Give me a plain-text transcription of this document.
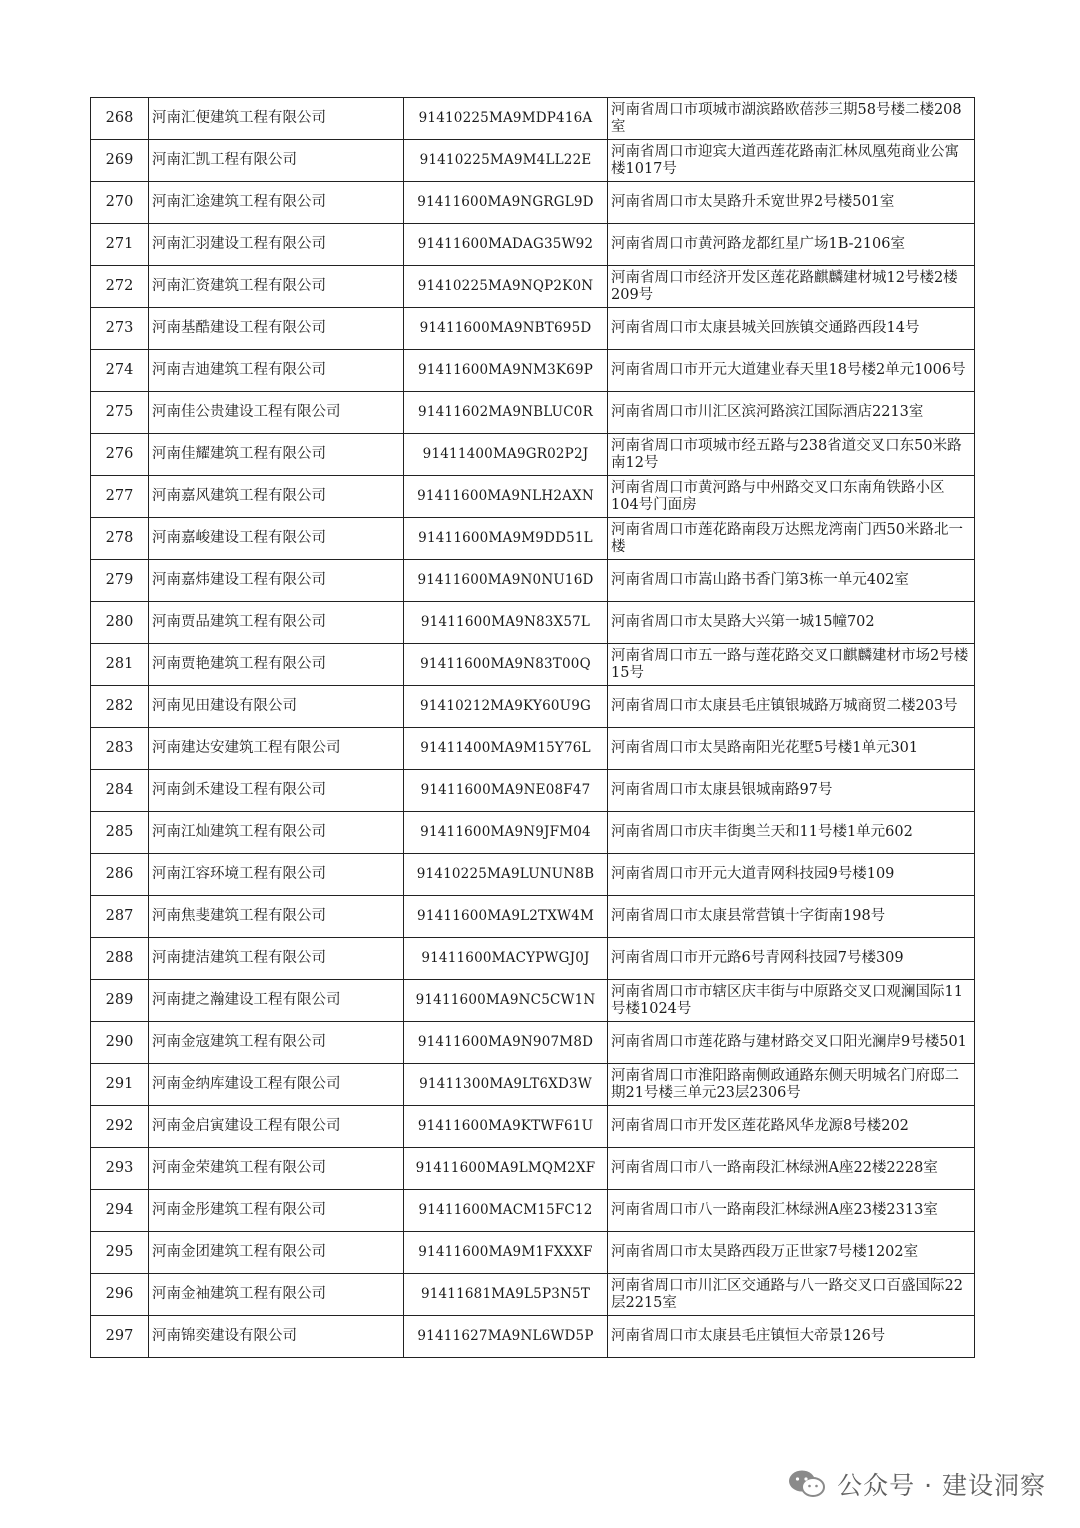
268	河南汇便建筑工程有限公司	91410225MA9MDP416A	河南省周口市项城市湖滨路欧蓓莎三期58号楼二楼208室
269	河南汇凯工程有限公司	91410225MA9M4LL22E	河南省周口市迎宾大道西莲花路南汇林凤凰苑商业公寓楼1017号
270	河南汇途建筑工程有限公司	91411600MA9NGRGL9D	河南省周口市太昊路升禾宽世界2号楼501室
271	河南汇羽建设工程有限公司	91411600MADAG35W92	河南省周口市黄河路龙都红星广场1B-2106室
272	河南汇资建筑工程有限公司	91410225MA9NQP2K0N	河南省周口市经济开发区莲花路麒麟建材城12号楼2楼209号
273	河南基酷建设工程有限公司	91411600MA9NBT695D	河南省周口市太康县城关回族镇交通路西段14号
274	河南吉迪建筑工程有限公司	91411600MA9NM3K69P	河南省周口市开元大道建业春天里18号楼2单元1006号
275	河南佳公贵建设工程有限公司	91411602MA9NBLUC0R	河南省周口市川汇区滨河路滨江国际酒店2213室
276	河南佳耀建筑工程有限公司	91411400MA9GR02P2J	河南省周口市项城市经五路与238省道交叉口东50米路南12号
277	河南嘉风建筑工程有限公司	91411600MA9NLH2AXN	河南省周口市黄河路与中州路交叉口东南角铁路小区104号门面房
278	河南嘉峻建设工程有限公司	91411600MA9M9DD51L	河南省周口市莲花路南段万达熙龙湾南门西50米路北一楼
279	河南嘉炜建设工程有限公司	91411600MA9N0NU16D	河南省周口市嵩山路书香门第3栋一单元402室
280	河南贾品建筑工程有限公司	91411600MA9N83X57L	河南省周口市太昊路大兴第一城15幢702
281	河南贾艳建筑工程有限公司	91411600MA9N83T00Q	河南省周口市五一路与莲花路交叉口麒麟建材市场2号楼15号
282	河南见田建设有限公司	91410212MA9KY60U9G	河南省周口市太康县毛庄镇银城路万城商贸二楼203号
283	河南建达安建筑工程有限公司	91411400MA9M15Y76L	河南省周口市太昊路南阳光花墅5号楼1单元301
284	河南剑禾建设工程有限公司	91411600MA9NE08F47	河南省周口市太康县银城南路97号
285	河南江灿建筑工程有限公司	91411600MA9N9JFM04	河南省周口市庆丰街奥兰天和11号楼1单元602
286	河南江容环境工程有限公司	91410225MA9LUNUN8B	河南省周口市开元大道青网科技园9号楼109
287	河南焦斐建筑工程有限公司	91411600MA9L2TXW4M	河南省周口市太康县常营镇十字街南198号
288	河南捷洁建筑工程有限公司	91411600MACYPWGJ0J	河南省周口市开元路6号青网科技园7号楼309
289	河南捷之瀚建设工程有限公司	91411600MA9NC5CW1N	河南省周口市市辖区庆丰街与中原路交叉口观澜国际11号楼1024号
290	河南金寇建筑工程有限公司	91411600MA9N907M8D	河南省周口市莲花路与建材路交叉口阳光澜岸9号楼501
291	河南金纳库建设工程有限公司	91411300MA9LT6XD3W	河南省周口市淮阳路南侧政通路东侧天明城名门府邸二期21号楼三单元23层2306号
292	河南金启寅建设工程有限公司	91411600MA9KTWF61U	河南省周口市开发区莲花路风华龙源8号楼202
293	河南金荣建筑工程有限公司	91411600MA9LMQM2XF	河南省周口市八一路南段汇林绿洲A座22楼2228室
294	河南金彤建筑工程有限公司	91411600MACM15FC12	河南省周口市八一路南段汇林绿洲A座23楼2313室
295	河南金团建筑工程有限公司	91411600MA9M1FXXXF	河南省周口市太昊路西段万正世家7号楼1202室
296	河南金袖建筑工程有限公司	91411681MA9L5P3N5T	河南省周口市川汇区交通路与八一路交叉口百盛国际22层2215室
297	河南锦奕建设有限公司	91411627MA9NL6WD5P	河南省周口市太康县毛庄镇恒大帝景126号
公众号 · 建设洞察
